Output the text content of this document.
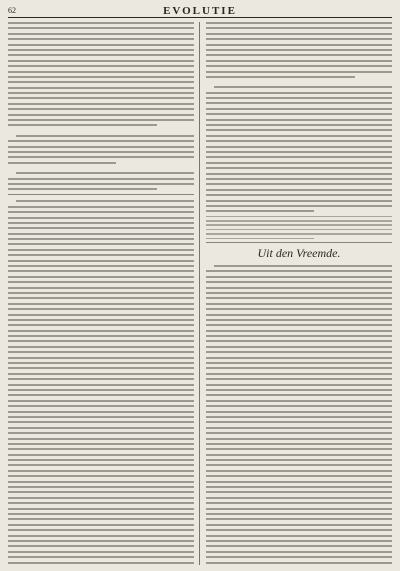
62	EVOLUTIE
Uit den Vreemde.
